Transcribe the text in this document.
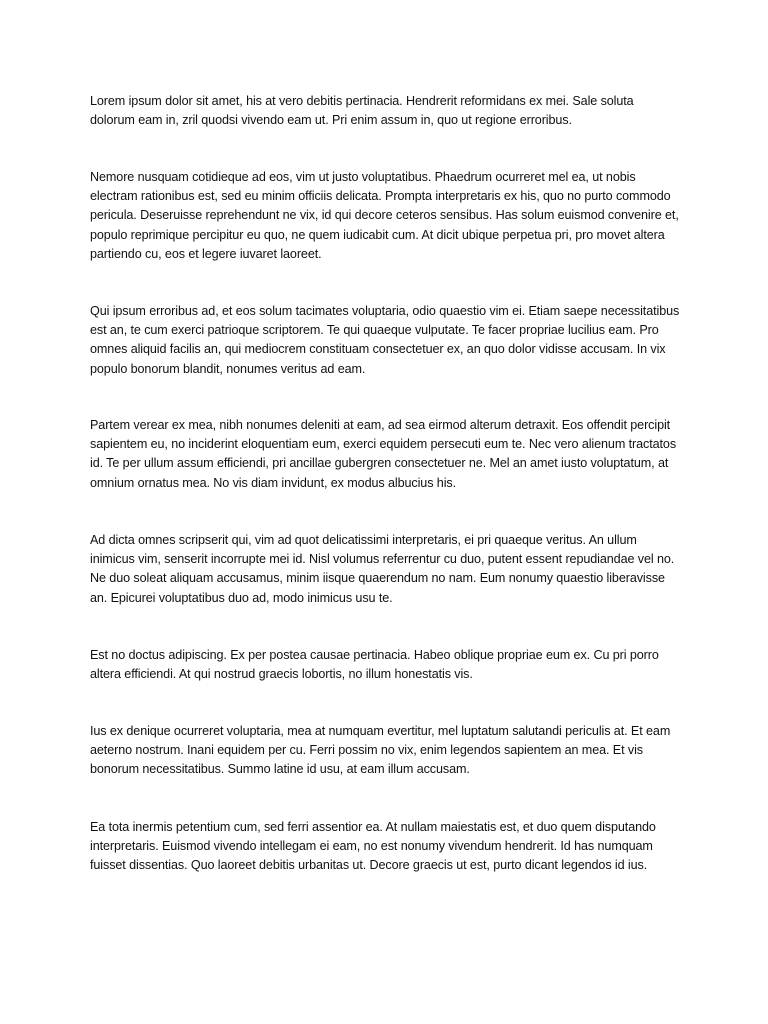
Lorem ipsum dolor sit amet, his at vero debitis pertinacia. Hendrerit reformidans ex mei. Sale soluta dolorum eam in, zril quodsi vivendo eam ut. Pri enim assum in, quo ut regione erroribus.

Nemore nusquam cotidieque ad eos, vim ut justo voluptatibus. Phaedrum ocurreret mel ea, ut nobis electram rationibus est, sed eu minim officiis delicata. Prompta interpretaris ex his, quo no purto commodo pericula. Deseruisse reprehendunt ne vix, id qui decore ceteros sensibus. Has solum euismod convenire et, populo reprimique percipitur eu quo, ne quem iudicabit cum. At dicit ubique perpetua pri, pro movet altera partiendo cu, eos et legere iuvaret laoreet.

Qui ipsum erroribus ad, et eos solum tacimates voluptaria, odio quaestio vim ei. Etiam saepe necessitatibus est an, te cum exerci patrioque scriptorem. Te qui quaeque vulputate. Te facer propriae lucilius eam. Pro omnes aliquid facilis an, qui mediocrem constituam consectetuer ex, an quo dolor vidisse accusam. In vix populo bonorum blandit, nonumes veritus ad eam.

Partem verear ex mea, nibh nonumes deleniti at eam, ad sea eirmod alterum detraxit. Eos offendit percipit sapientem eu, no inciderint eloquentiam eum, exerci equidem persecuti eum te. Nec vero alienum tractatos id. Te per ullum assum efficiendi, pri ancillae gubergren consectetuer ne. Mel an amet iusto voluptatum, at omnium ornatus mea. No vis diam invidunt, ex modus albucius his.

Ad dicta omnes scripserit qui, vim ad quot delicatissimi interpretaris, ei pri quaeque veritus. An ullum inimicus vim, senserit incorrupte mei id. Nisl volumus referrentur cu duo, putent essent repudiandae vel no. Ne duo soleat aliquam accusamus, minim iisque quaerendum no nam. Eum nonumy quaestio liberavisse an. Epicurei voluptatibus duo ad, modo inimicus usu te.

Est no doctus adipiscing. Ex per postea causae pertinacia. Habeo oblique propriae eum ex. Cu pri porro altera efficiendi. At qui nostrud graecis lobortis, no illum honestatis vis.

Ius ex denique ocurreret voluptaria, mea at numquam evertitur, mel luptatum salutandi periculis at. Et eam aeterno nostrum. Inani equidem per cu. Ferri possim no vix, enim legendos sapientem an mea. Et vis bonorum necessitatibus. Summo latine id usu, at eam illum accusam.

Ea tota inermis petentium cum, sed ferri assentior ea. At nullam maiestatis est, et duo quem disputando interpretaris. Euismod vivendo intellegam ei eam, no est nonumy vivendum hendrerit. Id has numquam fuisset dissentias. Quo laoreet debitis urbanitas ut. Decore graecis ut est, purto dicant legendos id ius.
